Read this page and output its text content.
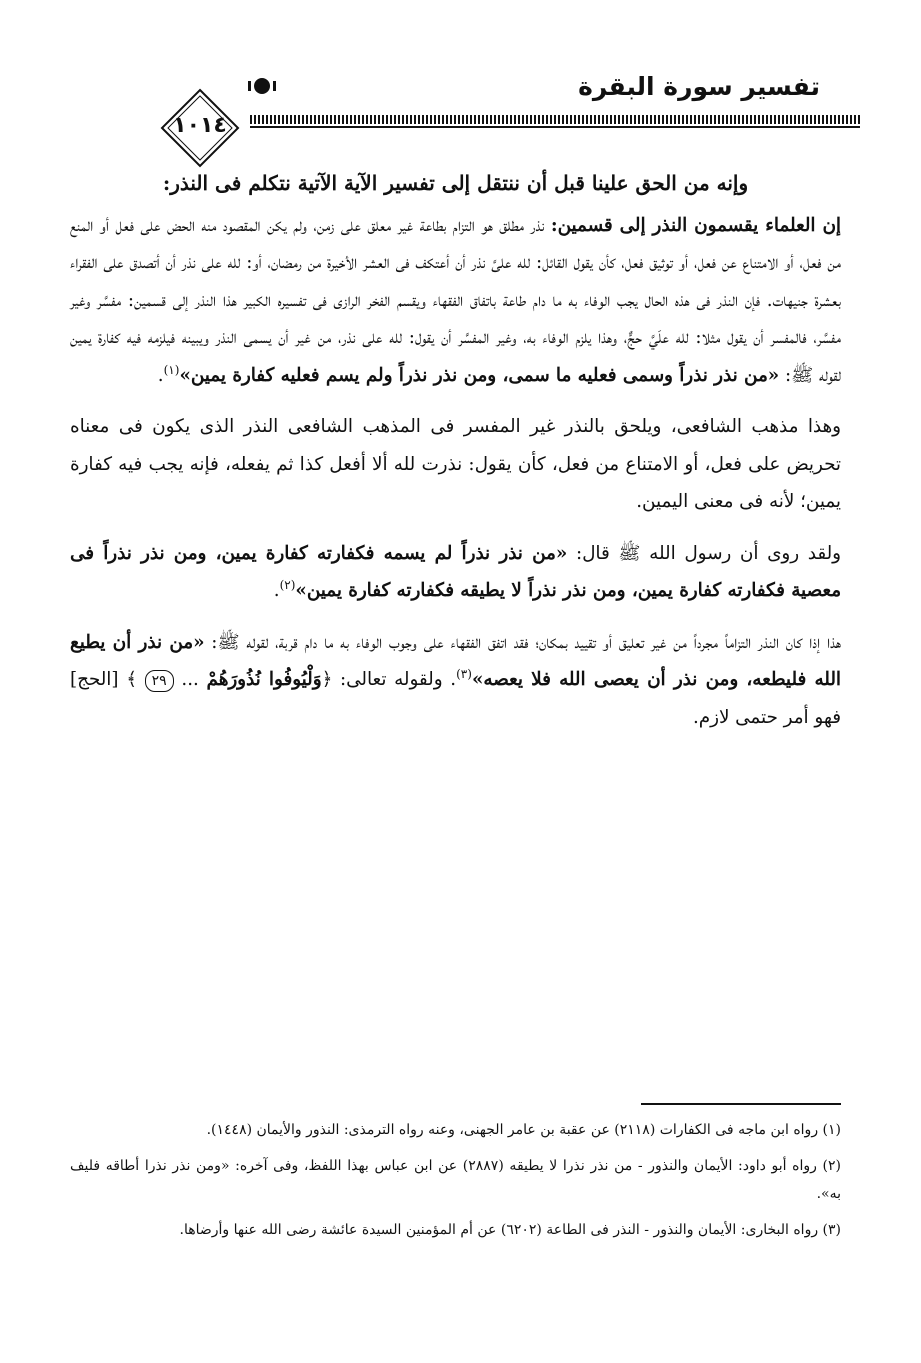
تفسير سورة البقرة
١٠١٤

وإنه من الحق علينا قبل أن ننتقل إلى تفسير الآية الآتية نتكلم فى النذر:

إن العلماء يقسمون النذر إلى قسمين: نذر مطلق هو التزام بطاعة غير معلق على زمن، ولم يكن المقصود منه الحض على فعل أو المنع من فعل، أو الامتناع عن فعل، أو توثيق فعل، كأن يقول القائل: لله علىَّ نذر أن أعتكف فى العشر الأخيرة من رمضان، أو: لله على نذر أن أتصدق على الفقراء بعشرة جنيهات. فإن النذر فى هذه الحال يجب الوفاء به ما دام طاعة باتفاق الفقهاء ويقسم الفخر الرازى فى تفسيره الكبير هذا النذر إلى قسمين: مفسَّر وغير مفسَّر، فالمفسر أن يقول مثلا: لله علَيَّ حجٌّ، وهذا يلزم الوفاء به، وغير المفسَّر أن يقول: لله على نذر، من غير أن يسمى النذر ويبينه فيلزمه فيه كفارة يمين لقوله ﷺ: «من نذر نذراً وسمى فعليه ما سمى، ومن نذر نذراً ولم يسم فعليه كفارة يمين»$^{(١)}$.

وهذا مذهب الشافعى، ويلحق بالنذر غير المفسر فى المذهب الشافعى النذر الذى يكون فى معناه تحريض على فعل، أو الامتناع من فعل، كأن يقول: نذرت لله ألا أفعل كذا ثم يفعله، فإنه يجب فيه كفارة يمين؛ لأنه فى معنى اليمين.

ولقد روى أن رسول الله ﷺ قال: «من نذر نذراً لم يسمه فكفارته كفارة يمين، ومن نذر نذراً فى معصية فكفارته كفارة يمين، ومن نذر نذراً لا يطيقه فكفارته كفارة يمين»$^{(٢)}$.

هذا إذا كان النذر التزاماً مجرداً من غير تعليق أو تقييد بمكان؛ فقد اتفق الفقهاء على وجوب الوفاء به ما دام قربة، لقوله ﷺ: «من نذر أن يطيع الله فليطعه، ومن نذر أن يعصى الله فلا يعصه»$^{(٣)}$. ولقوله تعالى: ﴿وَلْيُوفُوا نُذُورَهُمْ ... ٢٩ ﴾ [الحج] فهو أمر حتمى لازم.

(١) رواه ابن ماجه فى الكفارات (٢١١٨) عن عقبة بن عامر الجهنى، وعنه رواه الترمذى: النذور والأيمان (١٤٤٨).

(٢) رواه أبو داود: الأيمان والنذور - من نذر نذرا لا يطيقه (٢٨٨٧) عن ابن عباس بهذا اللفظ، وفى آخره: «ومن نذر نذرا أطاقه فليف به».

(٣) رواه البخارى: الأيمان والنذور - النذر فى الطاعة (٦٢٠٢) عن أم المؤمنين السيدة عائشة رضى الله عنها وأرضاها.
